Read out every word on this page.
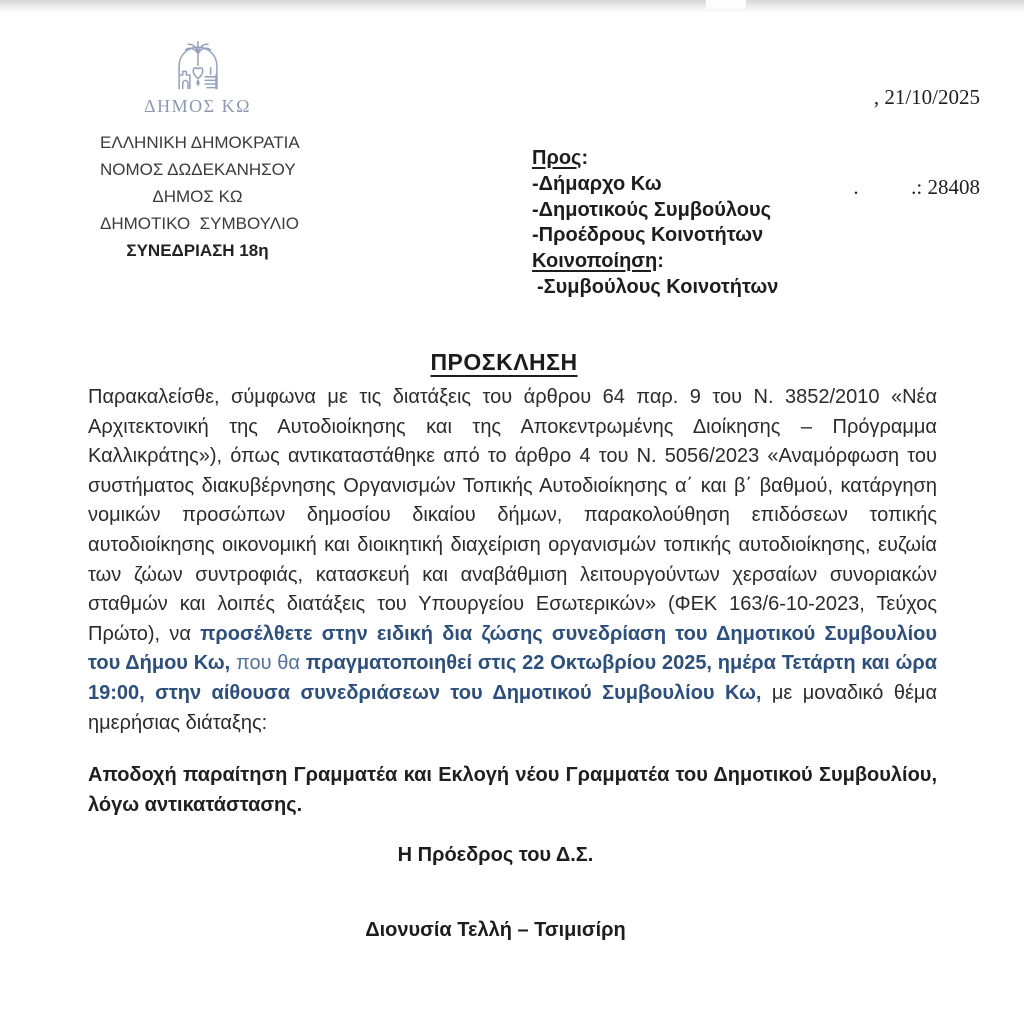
, 21/10/2025

.          .: 28408

ΔΗΜΟΣ ΚΩ
ΕΛΛΗΝΙΚΗ ΔΗΜΟΚΡΑΤΙΑ
ΝΟΜΟΣ ΔΩΔΕΚΑΝΗΣΟΥ
ΔΗΜΟΣ ΚΩ
ΔΗΜΟΤΙΚΟ  ΣΥΜΒΟΥΛΙΟ
ΣΥΝΕΔΡΙΑΣΗ 18η
Προς:
-Δήμαρχο Κω
-Δημοτικούς Συμβούλους
-Προέδρους Κοινοτήτων
Κοινοποίηση:
-Συμβούλους Κοινοτήτων
ΠΡΟΣΚΛΗΣΗ

Παρακαλείσθε, σύμφωνα με τις διατάξεις του άρθρου 64 παρ. 9 του Ν. 3852/2010 «Νέα Αρχιτεκτονική της Αυτοδιοίκησης και της Αποκεντρωμένης Διοίκησης – Πρόγραμμα Καλλικράτης»), όπως αντικαταστάθηκε από το άρθρο 4 του Ν. 5056/2023 «Αναμόρφωση του συστήματος διακυβέρνησης Οργανισμών Τοπικής Αυτοδιοίκησης α΄ και β΄ βαθμού, κατάργηση νομικών προσώπων δημοσίου δικαίου δήμων, παρακολούθηση επιδόσεων τοπικής αυτοδιοίκησης οικονομική και διοικητική διαχείριση οργανισμών τοπικής αυτοδιοίκησης, ευζωία των ζώων συντροφιάς, κατασκευή και αναβάθμιση λειτουργούντων χερσαίων συνοριακών σταθμών και λοιπές διατάξεις του Υπουργείου Εσωτερικών» (ΦΕΚ 163/6-10-2023, Τεύχος Πρώτο), να προσέλθετε στην ειδική δια ζώσης συνεδρίαση του Δημοτικού Συμβουλίου του Δήμου Κω, που θα πραγματοποιηθεί στις 22 Οκτωβρίου 2025, ημέρα Τετάρτη και ώρα 19:00, στην αίθουσα συνεδριάσεων του Δημοτικού Συμβουλίου Κω, με μοναδικό θέμα ημερήσιας διάταξης:

Αποδοχή παραίτηση Γραμματέα και Εκλογή νέου Γραμματέα του Δημοτικού Συμβουλίου, λόγω αντικατάστασης.

Η Πρόεδρος του Δ.Σ.
Διονυσία Τελλή – Τσιμισίρη
